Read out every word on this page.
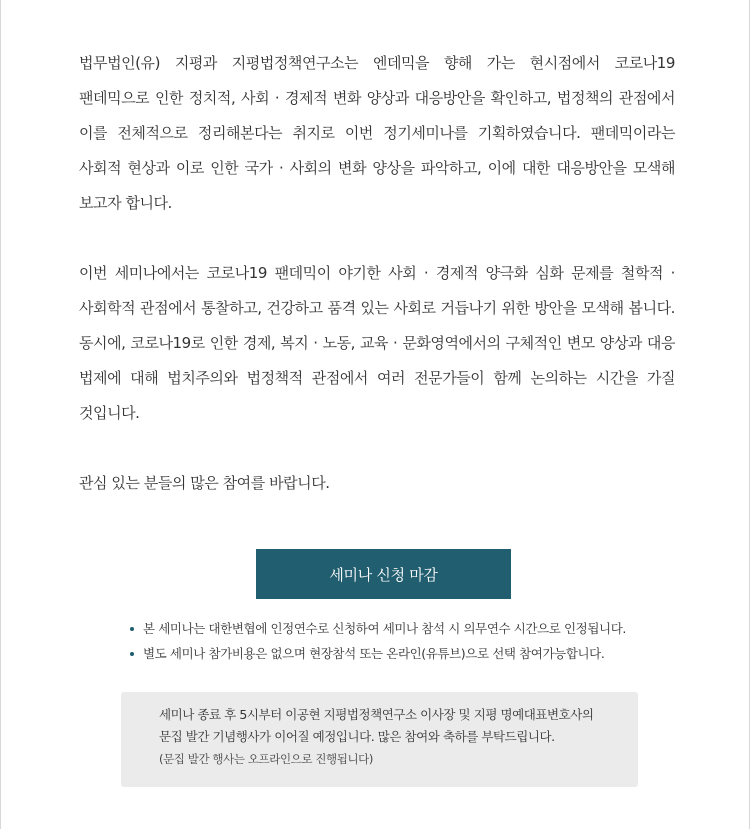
법무법인(유) 지평과 지평법정책연구소는 엔데믹을 향해 가는 현시점에서 코로나19

팬데믹으로 인한 정치적, 사회 · 경제적 변화 양상과 대응방안을 확인하고, 법정책의 관점에서

이를 전체적으로 정리해본다는 취지로 이번 정기세미나를 기획하였습니다. 팬데믹이라는

사회적 현상과 이로 인한 국가 · 사회의 변화 양상을 파악하고, 이에 대한 대응방안을 모색해

보고자 합니다.

이번 세미나에서는 코로나19 팬데믹이 야기한 사회 · 경제적 양극화 심화 문제를 철학적 ·

사회학적 관점에서 통찰하고, 건강하고 품격 있는 사회로 거듭나기 위한 방안을 모색해 봅니다.

동시에, 코로나19로 인한 경제, 복지 · 노동, 교육 · 문화영역에서의 구체적인 변모 양상과 대응

법제에 대해 법치주의와 법정책적 관점에서 여러 전문가들이 함께 논의하는 시간을 가질

것입니다.

관심 있는 분들의 많은 참여를 바랍니다.

세미나 신청 마감
본 세미나는 대한변협에 인정연수로 신청하여 세미나 참석 시 의무연수 시간으로 인정됩니다.
별도 세미나 참가비용은 없으며 현장참석 또는 온라인(유튜브)으로 선택 참여가능합니다.
세미나 종료 후 5시부터 이공현 지평법정책연구소 이사장 및 지평 명예대표변호사의
문집 발간 기념행사가 이어질 예정입니다. 많은 참여와 축하를 부탁드립니다.
(문집 발간 행사는 오프라인으로 진행됩니다)
